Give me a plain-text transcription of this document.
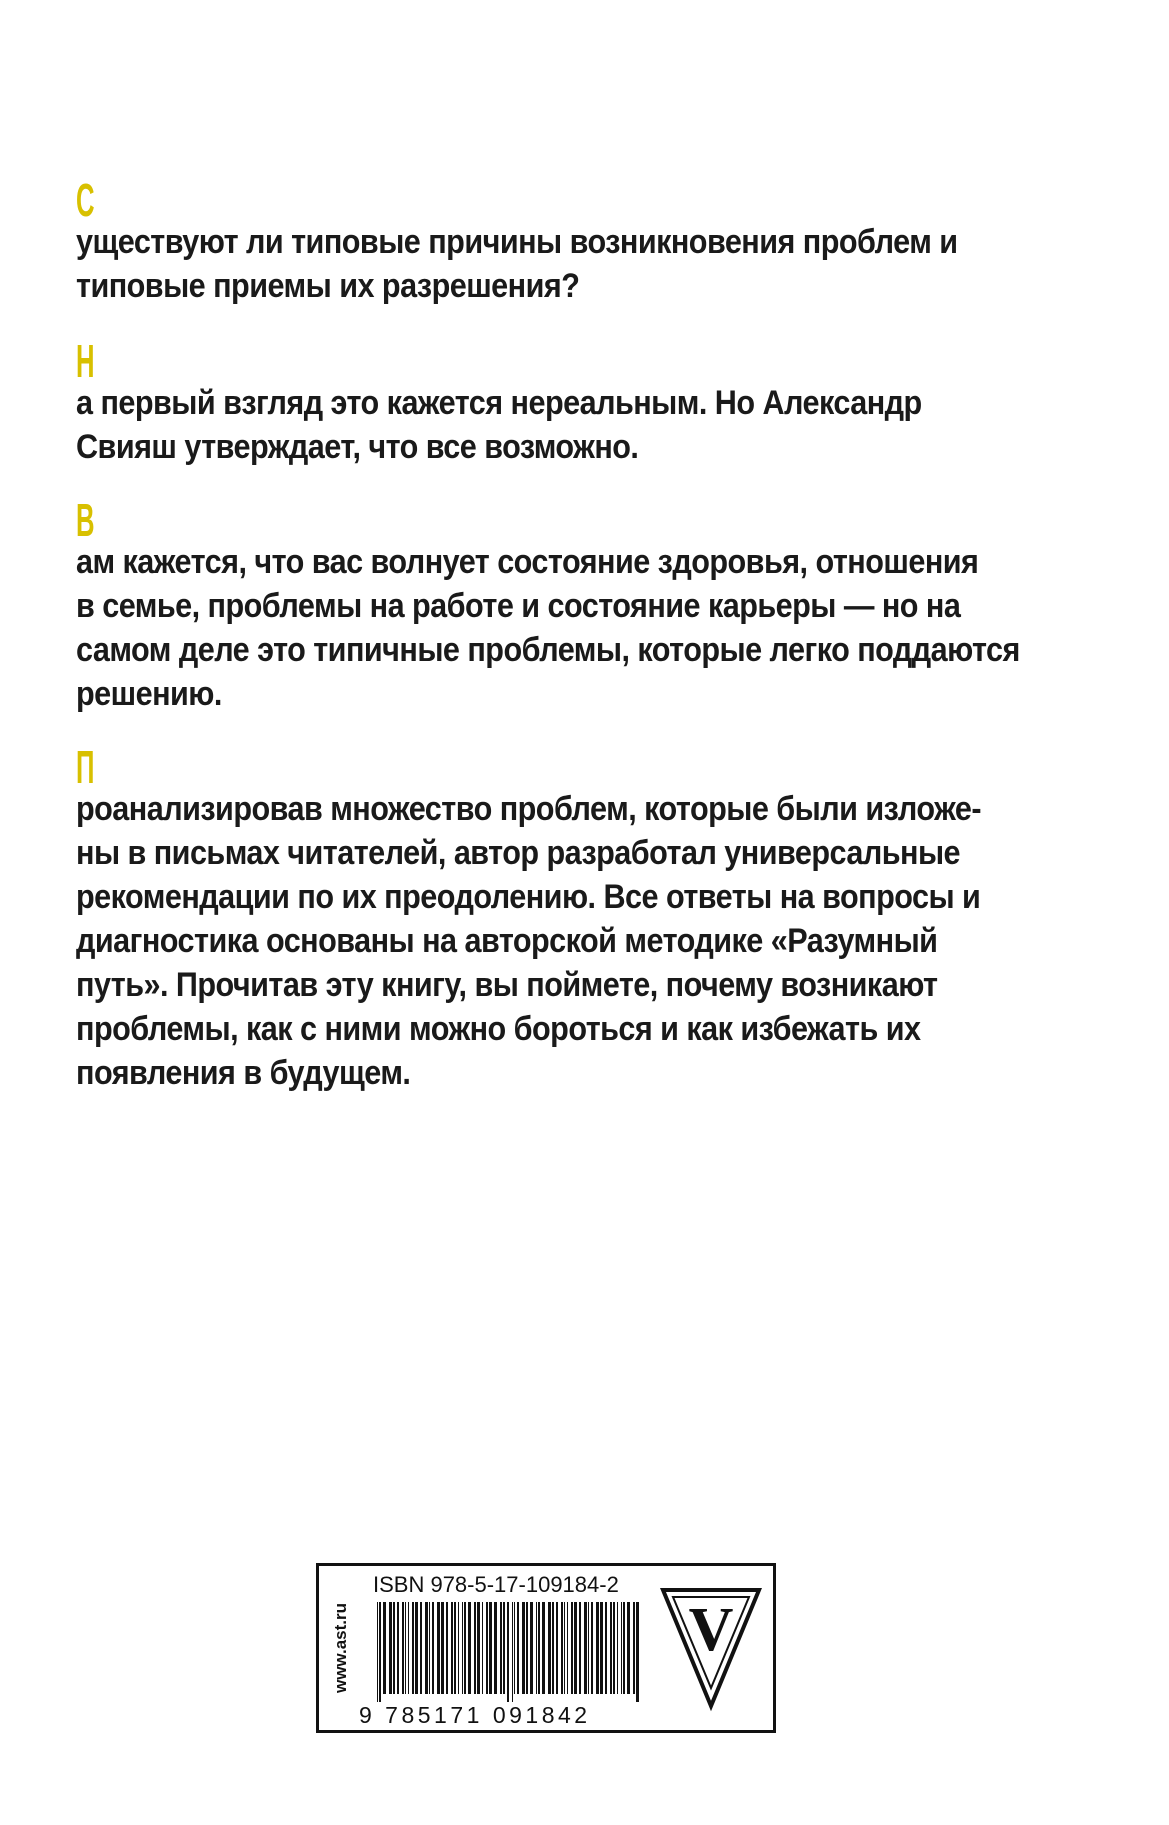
С
уществуют ли типовые причины возникновения проблем и
типовые приемы их разрешения?
Н
а первый взгляд это кажется нереальным. Но Александр
Свияш утверждает, что все возможно.
В
ам кажется, что вас волнует состояние здоровья, отношения
в семье, проблемы на работе и состояние карьеры — но на
самом деле это типичные проблемы, которые легко поддаются
решению.
П
роанализировав множество проблем, которые были изложе-
ны в письмах читателей, автор разработал универсальные
рекомендации по их преодолению. Все ответы на вопросы и
диагностика основаны на авторской методике «Разумный
путь». Прочитав эту книгу, вы поймете, почему возникают
проблемы, как с ними можно бороться и как избежать их
появления в будущем.
www.ast.ru
ISBN 978-5-17-109184-2
9 785171 091842
V
